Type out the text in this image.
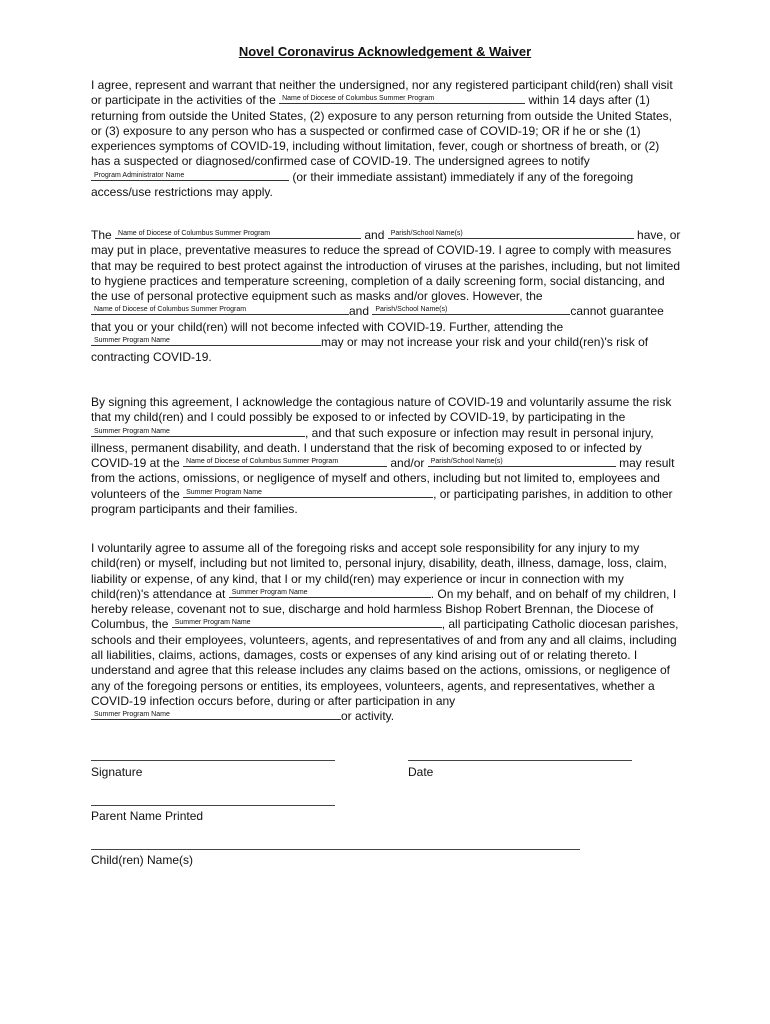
Novel Coronavirus Acknowledgement & Waiver

I agree, represent and warrant that neither the undersigned, nor any registered participant child(ren) shall visit or participate in the activities of the Name of Diocese of Columbus Summer Program	within 14 days after (1) returning from outside the United States, (2) exposure to any person returning from outside the United States, or (3) exposure to any person who has a suspected or confirmed case of COVID-19; OR if he or she (1) experiences symptoms of COVID-19, including without limitation, fever, cough or shortness of breath, or (2) has a suspected or diagnosed/confirmed case of COVID-19. The undersigned agrees to notify Program Administrator Name	(or their immediate assistant) immediately if any of the foregoing access/use restrictions may apply.

The Name of Diocese of Columbus Summer Program	and Parish/School Name(s)	have, or may put in place, preventative measures to reduce the spread of COVID-19. I agree to comply with measures that may be required to best protect against the introduction of viruses at the parishes, including, but not limited to hygiene practices and temperature screening, completion of a daily screening form, social distancing, and the use of personal protective equipment such as masks and/or gloves. However, the Name of Diocese of Columbus Summer Program	and Parish/School Name(s)	cannot guarantee that you or your child(ren) will not become infected with COVID-19. Further, attending the Summer Program Name	may or may not increase your risk and your child(ren)'s risk of contracting COVID-19.

By signing this agreement, I acknowledge the contagious nature of COVID-19 and voluntarily assume the risk that my child(ren) and I could possibly be exposed to or infected by COVID-19, by participating in the Summer Program Name	, and that such exposure or infection may result in personal injury, illness, permanent disability, and death. I understand that the risk of becoming exposed to or infected by COVID-19 at the Name of Diocese of Columbus Summer Program	and/or Parish/School Name(s)	may result from the actions, omissions, or negligence of myself and others, including but not limited to, employees and volunteers of the Summer Program Name	, or participating parishes, in addition to other program participants and their families.

I voluntarily agree to assume all of the foregoing risks and accept sole responsibility for any injury to my child(ren) or myself, including but not limited to, personal injury, disability, death, illness, damage, loss, claim, liability or expense, of any kind, that I or my child(ren) may experience or incur in connection with my child(ren)'s attendance at Summer Program Name	. On my behalf, and on behalf of my children, I hereby release, covenant not to sue, discharge and hold harmless Bishop Robert Brennan, the Diocese of Columbus, the Summer Program Name	, all participating Catholic diocesan parishes, schools and their employees, volunteers, agents, and representatives of and from any and all claims, including all liabilities, claims, actions, damages, costs or expenses of any kind arising out of or relating thereto. I understand and agree that this release includes any claims based on the actions, omissions, or negligence of any of the foregoing persons or entities, its employees, volunteers, agents, and representatives, whether a COVID-19 infection occurs before, during or after participation in any Summer Program Name	or activity.

Signature	Date
Parent Name Printed
Child(ren) Name(s)
